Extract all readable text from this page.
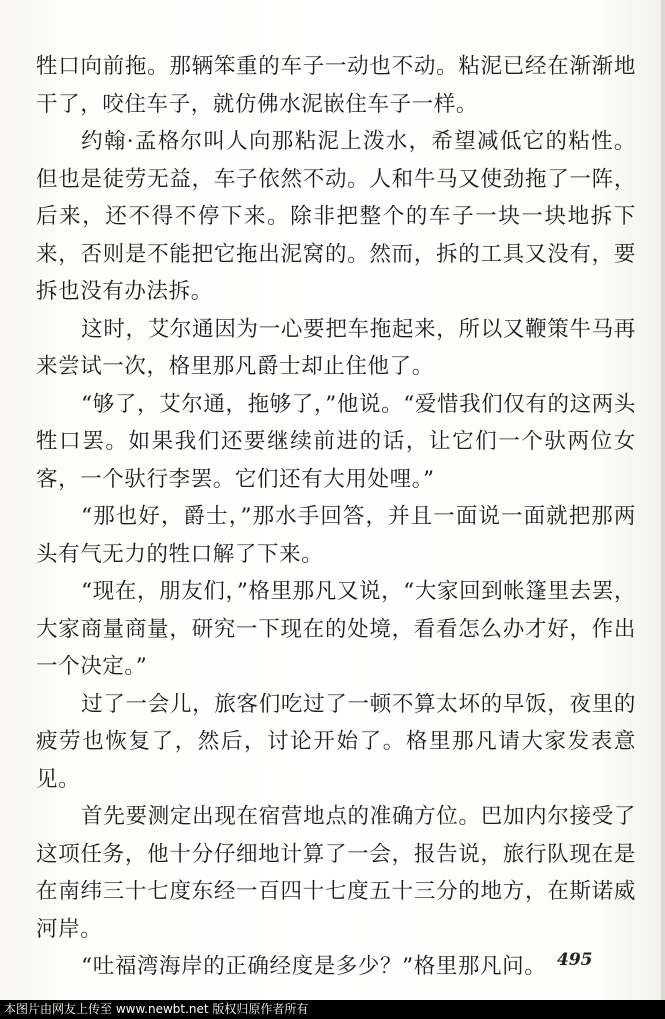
牲口向前拖。那辆笨重的车子一动也不动。粘泥已经在渐渐地干了，咬住车子，就仿佛水泥嵌住车子一样。

约翰·孟格尔叫人向那粘泥上泼水，希望减低它的粘性。但也是徒劳无益，车子依然不动。人和牛马又使劲拖了一阵，后来，还不得不停下来。除非把整个的车子一块一块地拆下来，否则是不能把它拖出泥窝的。然而，拆的工具又没有，要拆也没有办法拆。

这时，艾尔通因为一心要把车拖起来，所以又鞭策牛马再来尝试一次，格里那凡爵士却止住他了。

“够了，艾尔通，拖够了，”他说。“爱惜我们仅有的这两头牲口罢。如果我们还要继续前进的话，让它们一个驮两位女客，一个驮行李罢。它们还有大用处哩。”

“那也好，爵士，”那水手回答，并且一面说一面就把那两头有气无力的牲口解了下来。

“现在，朋友们，”格里那凡又说，“大家回到帐篷里去罢，大家商量商量，研究一下现在的处境，看看怎么办才好，作出一个决定。”

过了一会儿，旅客们吃过了一顿不算太坏的早饭，夜里的疲劳也恢复了，然后，讨论开始了。格里那凡请大家发表意见。

首先要测定出现在宿营地点的准确方位。巴加内尔接受了这项任务，他十分仔细地计算了一会，报告说，旅行队现在是在南纬三十七度东经一百四十七度五十三分的地方，在斯诺威河岸。

“吐福湾海岸的正确经度是多少？”格里那凡问。 495
本图片由网友上传至 www.newbt.net 版权归原作者所有
